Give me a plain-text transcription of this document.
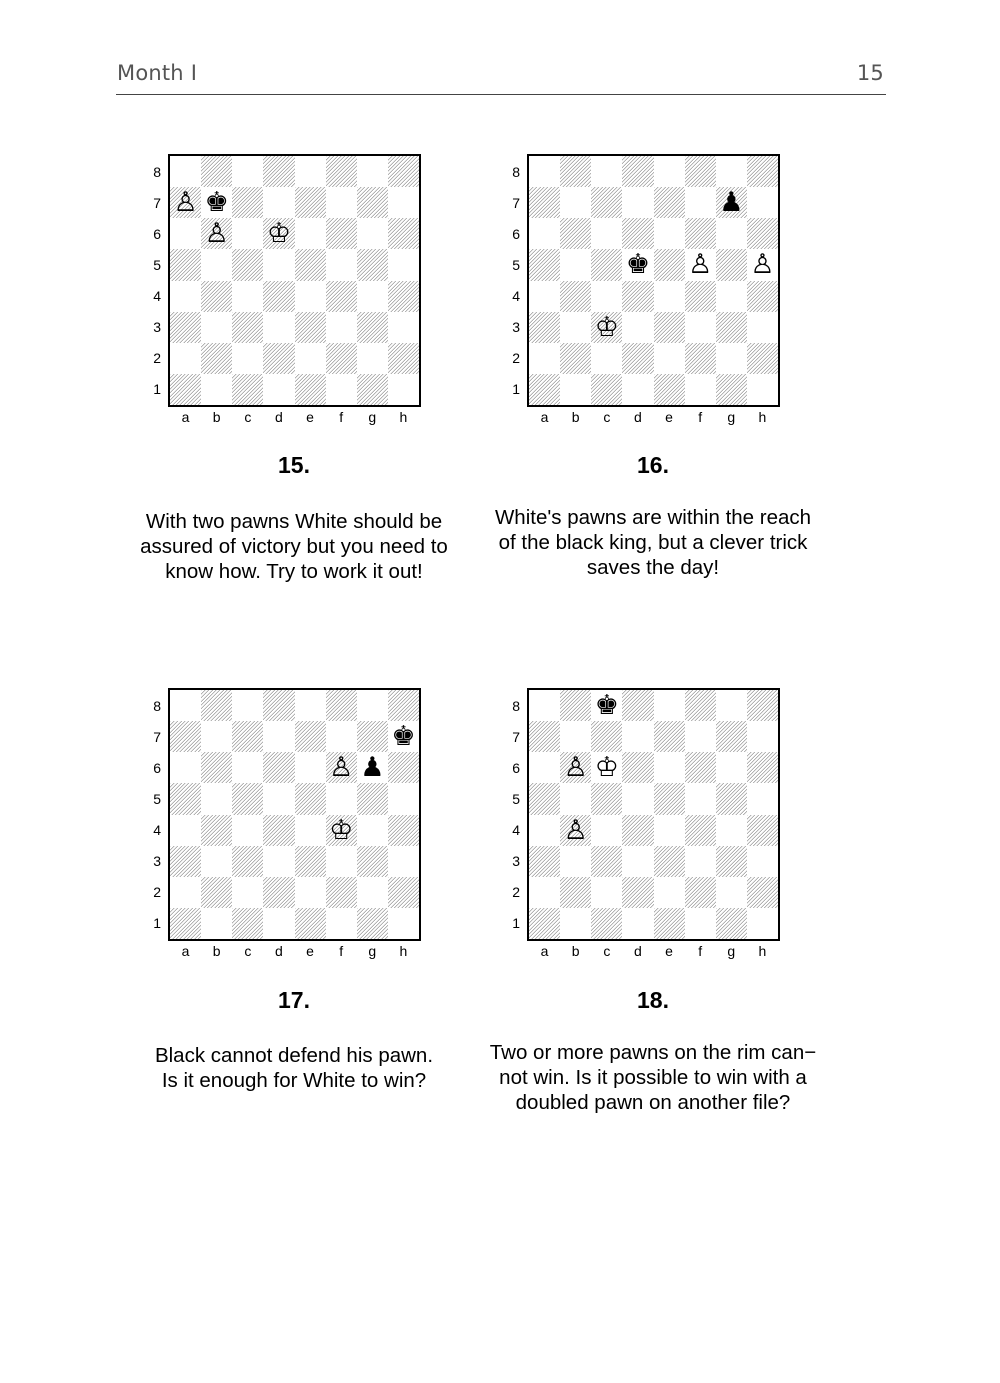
Month I	15
♙ ♚
♙ ♔
8
7
6
5
4
3
2
1
a b c d e	f	g h
15.
With two pawns White should be
assured of victory but you need to
know how. Try to work it out!
♟
♚ ♙ ♙
♔
8
7
6
5
4
3
2
1
a b c d e	f	g h
16.
White's pawns are within the reach
of the black king, but a clever trick
saves the day!
♚
♙ ♟
♔
8
7
6
5
4
3
2
1
a b c d e	f	g h
17.
Black cannot defend his pawn.
Is it enough for White to win?
♚
♙ ♔
♙
8
7
6
5
4
3
2
1
a b c d e	f	g h
18.
Two or more pawns on the rim can−
not win. Is it possible to win with a
doubled pawn on another file?
